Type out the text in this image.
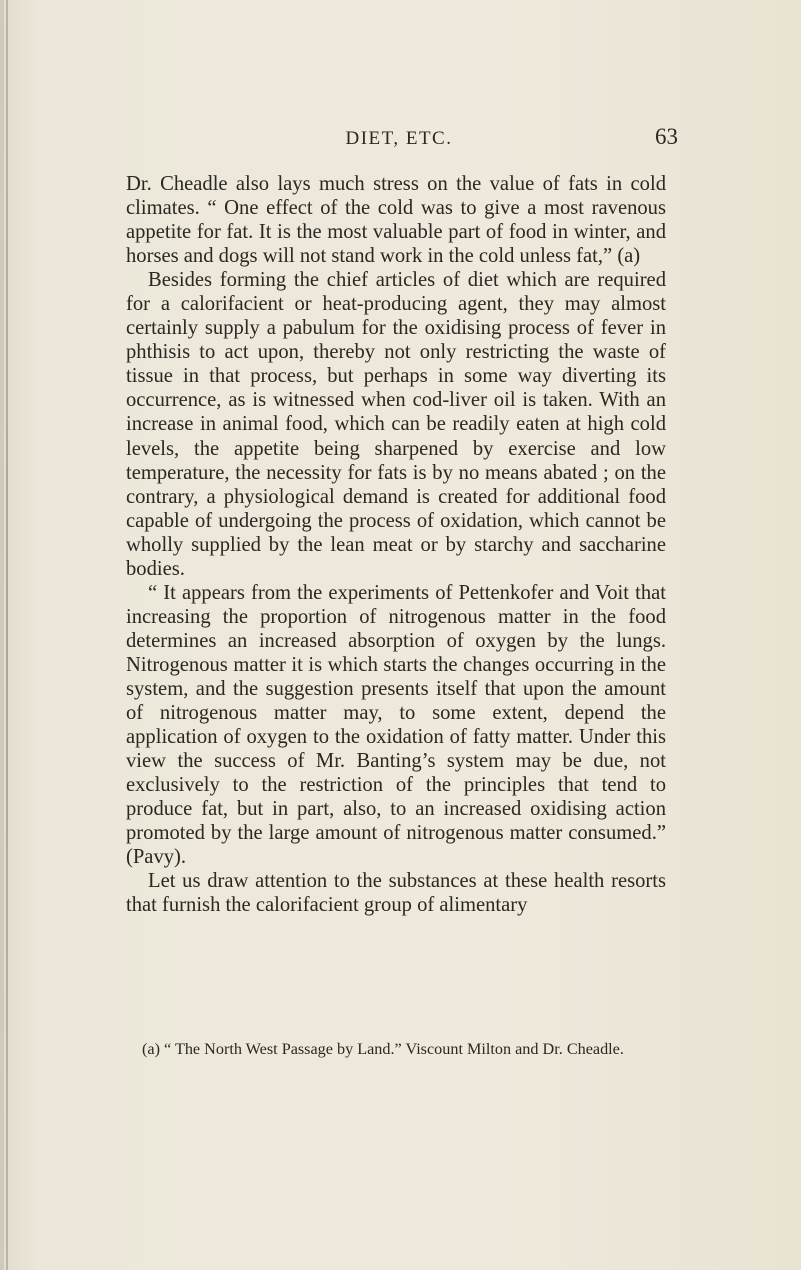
DIET, ETC.	63

Dr. Cheadle also lays much stress on the value of fats in cold climates. “ One effect of the cold was to give a most ravenous appetite for fat. It is the most valuable part of food in winter, and horses and dogs will not stand work in the cold unless fat,” (a)

Besides forming the chief articles of diet which are required for a calorifacient or heat-producing agent, they may almost certainly supply a pabulum for the oxidising process of fever in phthisis to act upon, thereby not only restricting the waste of tissue in that process, but perhaps in some way diverting its occurrence, as is witnessed when cod-liver oil is taken. With an increase in animal food, which can be readily eaten at high cold levels, the appetite being sharpened by exercise and low temperature, the necessity for fats is by no means abated ; on the contrary, a physiological demand is created for additional food capable of undergoing the process of oxidation, which cannot be wholly supplied by the lean meat or by starchy and saccharine bodies.

“ It appears from the experiments of Pettenkofer and Voit that increasing the proportion of nitrogenous matter in the food determines an increased absorption of oxygen by the lungs. Nitrogenous matter it is which starts the changes occurring in the system, and the suggestion presents itself that upon the amount of nitrogenous matter may, to some extent, depend the application of oxygen to the oxidation of fatty matter. Under this view the success of Mr. Banting’s system may be due, not exclusively to the restriction of the principles that tend to produce fat, but in part, also, to an increased oxidising action promoted by the large amount of nitrogenous matter consumed.” (Pavy).

Let us draw attention to the substances at these health resorts that furnish the calorifacient group of alimentary

(a) “ The North West Passage by Land.” Viscount Milton and Dr. Cheadle.
